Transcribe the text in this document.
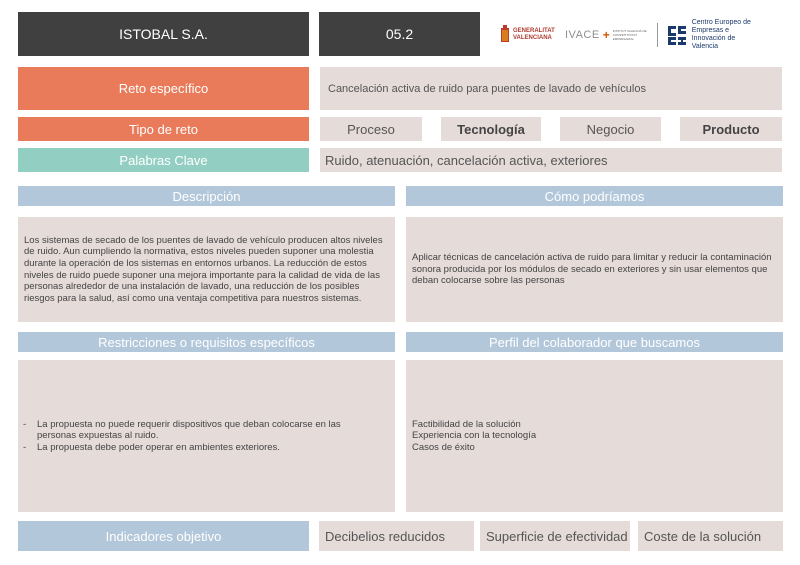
ISTOBAL S.A.	05.2	GENERALITAT VALENCIANA	IVACE + INSTITUT VALENCIÀ DE COMPETITIVITAT EMPRESARIAL
Centro Europeo de Empresas e Innovación de Valencia
Reto específico	Cancelación activa de ruido para puentes de lavado de vehículos
Tipo de reto	Proceso	Tecnología	Negocio	Producto
Palabras Clave	Ruido, atenuación, cancelación activa, exteriores
Descripción	Cómo podríamos
Los sistemas de secado de los puentes de lavado de vehículo producen altos niveles de ruido. Aun cumpliendo la normativa, estos niveles pueden suponer una molestia durante la operación de los sistemas en entornos urbanos. La reducción de estos niveles de ruido puede suponer una mejora importante para la calidad de vida de las personas alrededor de una instalación de lavado, una reducción de los posibles riesgos para la salud, así como una ventaja competitiva para nuestros sistemas.
Aplicar técnicas de cancelación activa de ruido para limitar y reducir la contaminación sonora producida por los módulos de secado en exteriores y sin usar elementos que deban colocarse sobre las personas
Restricciones o requisitos específicos	Perfil del colaborador que buscamos
- La propuesta no puede requerir dispositivos que deban colocarse en las personas expuestas al ruido.
- La propuesta debe poder operar en ambientes exteriores.
Factibilidad de la solución
Experiencia con la tecnología
Casos de éxito
Indicadores objetivo	Decibelios reducidos	Superficie de efectividad	Coste de la solución
